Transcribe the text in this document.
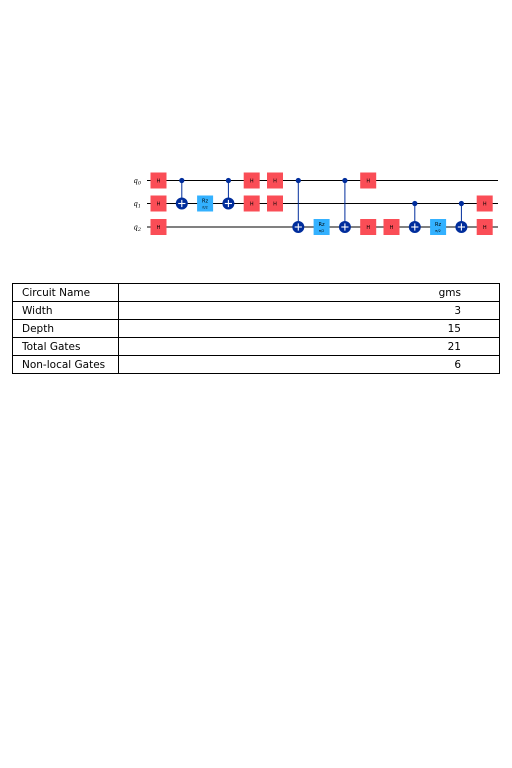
$q_0$
$q_1$
$q_2$
H
H
H
Rz
π/2
H
H
H
H
Rz
π/2
H
H	H	Rz
π/2
H
H
Circuit Name	gms
Width	3
Depth	15
Total Gates	21
Non-local Gates	6
